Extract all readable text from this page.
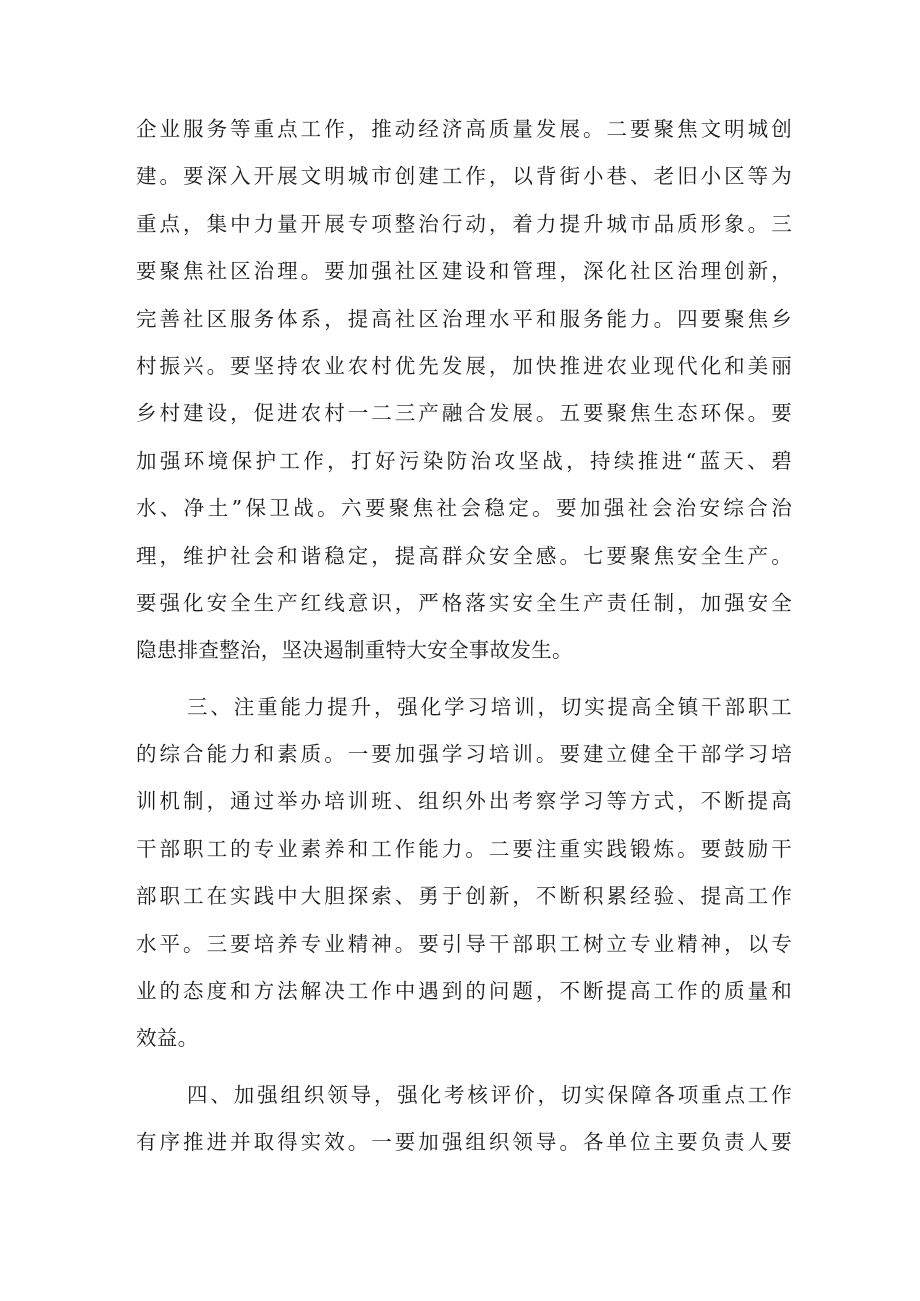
企业服务等重点工作，推动经济高质量发展。二要聚焦文明城创
建。要深入开展文明城市创建工作，以背街小巷、老旧小区等为
重点，集中力量开展专项整治行动，着力提升城市品质形象。三
要聚焦社区治理。要加强社区建设和管理，深化社区治理创新，
完善社区服务体系，提高社区治理水平和服务能力。四要聚焦乡
村振兴。要坚持农业农村优先发展，加快推进农业现代化和美丽
乡村建设，促进农村一二三产融合发展。五要聚焦生态环保。要
加强环境保护工作，打好污染防治攻坚战，持续推进“蓝天、碧
水、净土”保卫战。六要聚焦社会稳定。要加强社会治安综合治
理，维护社会和谐稳定，提高群众安全感。七要聚焦安全生产。
要强化安全生产红线意识，严格落实安全生产责任制，加强安全
隐患排查整治，坚决遏制重特大安全事故发生。
三、注重能力提升，强化学习培训，切实提高全镇干部职工
的综合能力和素质。一要加强学习培训。要建立健全干部学习培
训机制，通过举办培训班、组织外出考察学习等方式，不断提高
干部职工的专业素养和工作能力。二要注重实践锻炼。要鼓励干
部职工在实践中大胆探索、勇于创新，不断积累经验、提高工作
水平。三要培养专业精神。要引导干部职工树立专业精神，以专
业的态度和方法解决工作中遇到的问题，不断提高工作的质量和
效益。
四、加强组织领导，强化考核评价，切实保障各项重点工作
有序推进并取得实效。一要加强组织领导。各单位主要负责人要
